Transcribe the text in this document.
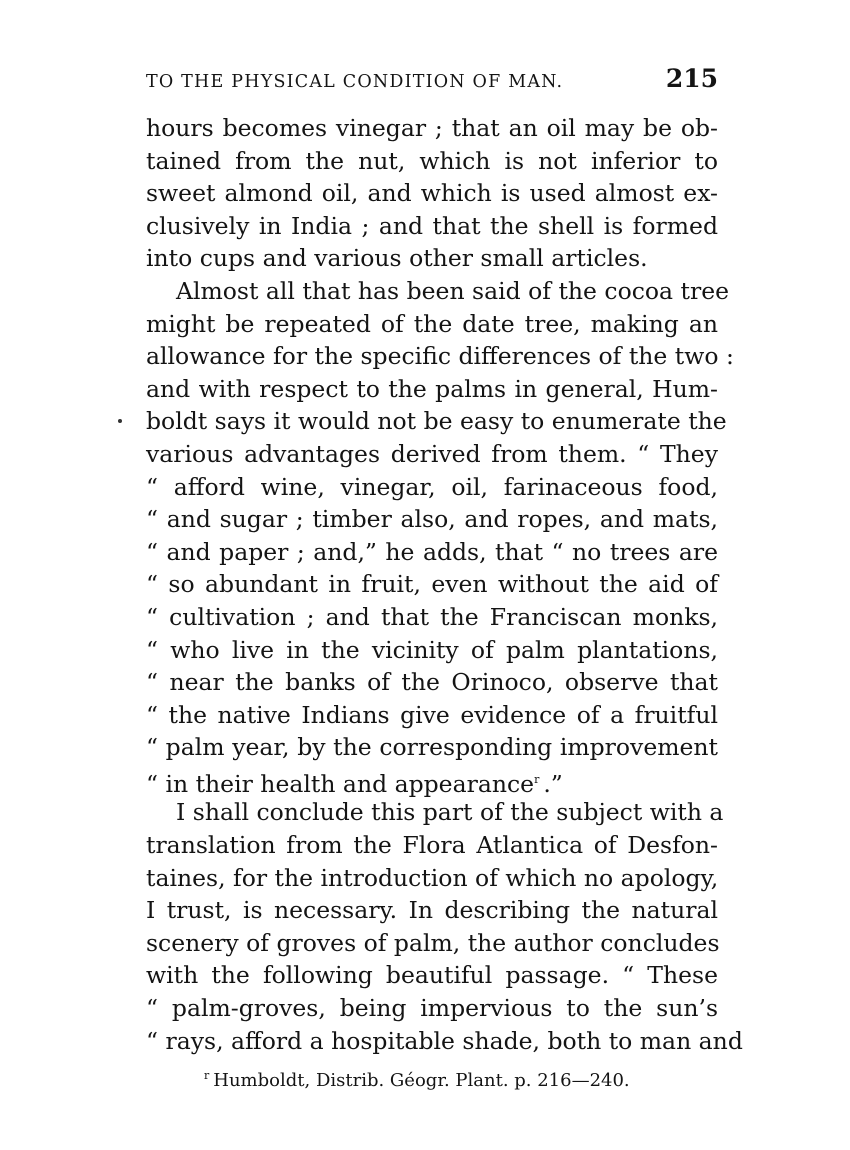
TO THE PHYSICAL CONDITION OF MAN.	215
hours becomes vinegar ; that an oil may be ob-
tained from the nut, which is not inferior to
sweet almond oil, and which is used almost ex-
clusively in India ; and that the shell is formed
into cups and various other small articles.
Almost all that has been said of the cocoa tree
might be repeated of the date tree, making an
allowance for the specific differences of the two :
and with respect to the palms in general, Hum-
boldt says it would not be easy to enumerate the
various advantages derived from them. “ They
“ afford wine, vinegar, oil, farinaceous food,
“ and sugar ; timber also, and ropes, and mats,
“ and paper ; and,” he adds, that “ no trees are
“ so abundant in fruit, even without the aid of
“ cultivation ; and that the Franciscan monks,
“ who live in the vicinity of palm plantations,
“ near the banks of the Orinoco, observe that
“ the native Indians give evidence of a fruitful
“ palm year, by the corresponding improvement
“ in their health and appearance$^r$ .”
I shall conclude this part of the subject with a
translation from the Flora Atlantica of Desfon-
taines, for the introduction of which no apology,
I trust, is necessary. In describing the natural
scenery of groves of palm, the author concludes
with the following beautiful passage. “ These
“ palm-groves, being impervious to the sun’s
“ rays, afford a hospitable shade, both to man and
$^r$ Humboldt, Distrib. Géogr. Plant. p. 216—240.
